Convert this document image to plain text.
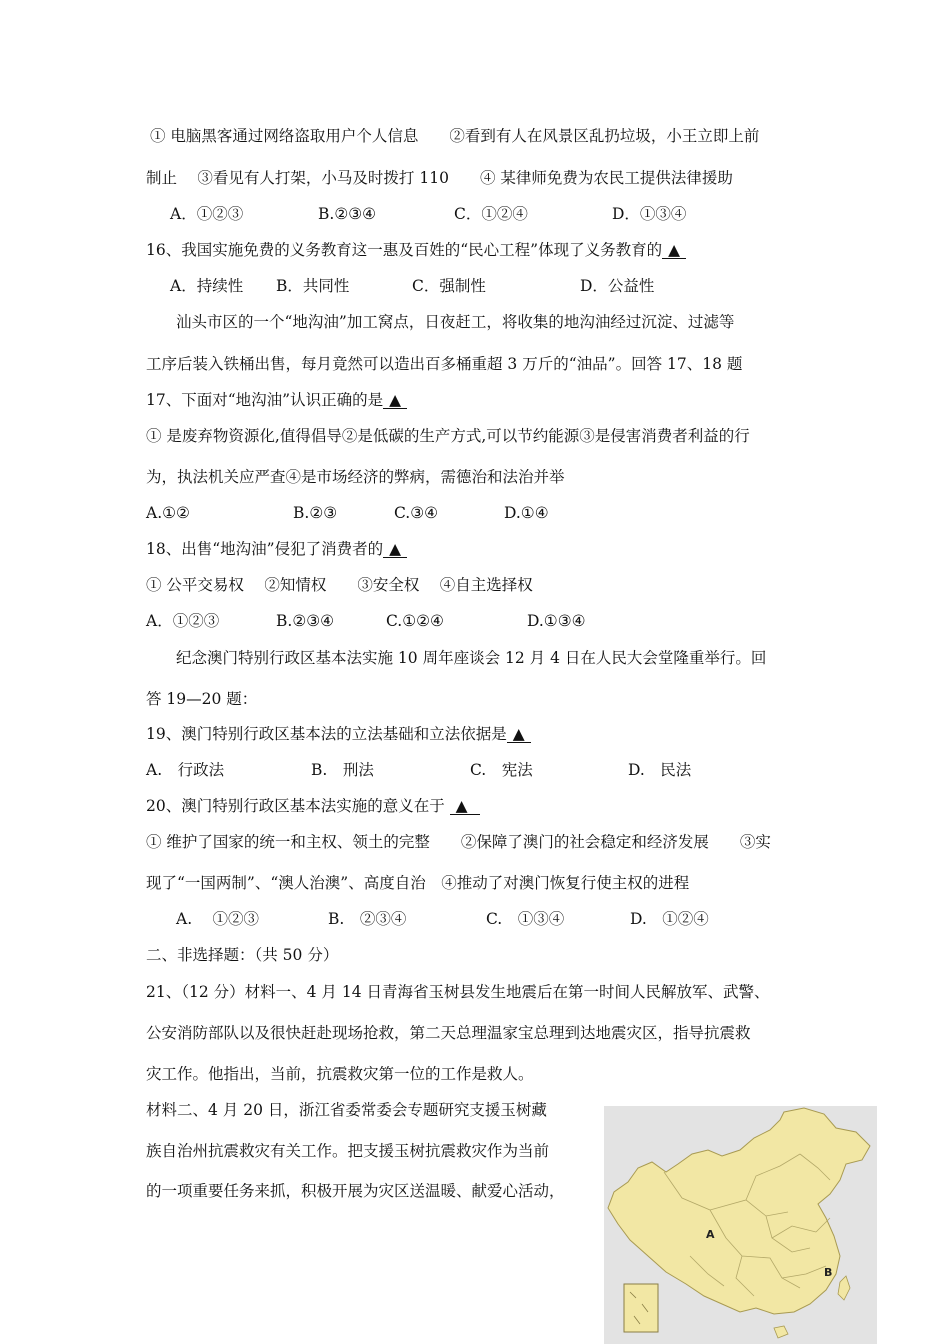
① 电脑黑客通过网络盗取用户个人信息　　②看到有人在风景区乱扔垃圾，小王立即上前
制止　 ③看见有人打架，小马及时拨打 110　　④ 某律师免费为农民工提供法律援助
A．①②③	B.②③④	C．①②④	D．①③④
16、我国实施免费的义务教育这一惠及百姓的“民心工程”体现了义务教育的 ▲
A．持续性 B．共同性	C．强制性	D．公益性
汕头市区的一个“地沟油”加工窝点，日夜赶工，将收集的地沟油经过沉淀、过滤等
工序后装入铁桶出售，每月竟然可以造出百多桶重超 3 万斤的“油品”。回答 17、18 题
17、下面对“地沟油”认识正确的是 ▲
① 是废弃物资源化,值得倡导②是低碳的生产方式,可以节约能源③是侵害消费者利益的行
为，执法机关应严查④是市场经济的弊病，需德治和法治并举
A.①②	B.②③	C.③④	D.①④
18、出售“地沟油”侵犯了消费者的 ▲
① 公平交易权　 ②知情权　　③安全权　 ④自主选择权
A．①②③	B.②③④	C.①②④	D.①③④
纪念澳门特别行政区基本法实施 10 周年座谈会 12 月 4 日在人民大会堂隆重举行。回
答 19—20 题：
19、澳门特别行政区基本法的立法基础和立法依据是 ▲
A.　行政法	B.　刑法	C.　宪法	D.　民法
20、澳门特别行政区基本法实施的意义在于 ▲
① 维护了国家的统一和主权、领土的完整　　②保障了澳门的社会稳定和经济发展　　③实
现了“一国两制”、“澳人治澳”、高度自治　④推动了对澳门恢复行使主权的进程
A.　 ①②③	B.　②③④	C.　①③④	D.　①②④
二、非选择题：（共 50 分）
21、（12 分）材料一、4 月 14 日青海省玉树县发生地震后在第一时间人民解放军、武警、
公安消防部队以及很快赶赴现场抢救，第二天总理温家宝总理到达地震灾区，指导抗震救
灾工作。他指出，当前，抗震救灾第一位的工作是救人。
材料二、4 月 20 日，浙江省委常委会专题研究支援玉树藏
族自治州抗震救灾有关工作。把支援玉树抗震救灾作为当前
的一项重要任务来抓，积极开展为灾区送温暖、献爱心活动，
A
B
